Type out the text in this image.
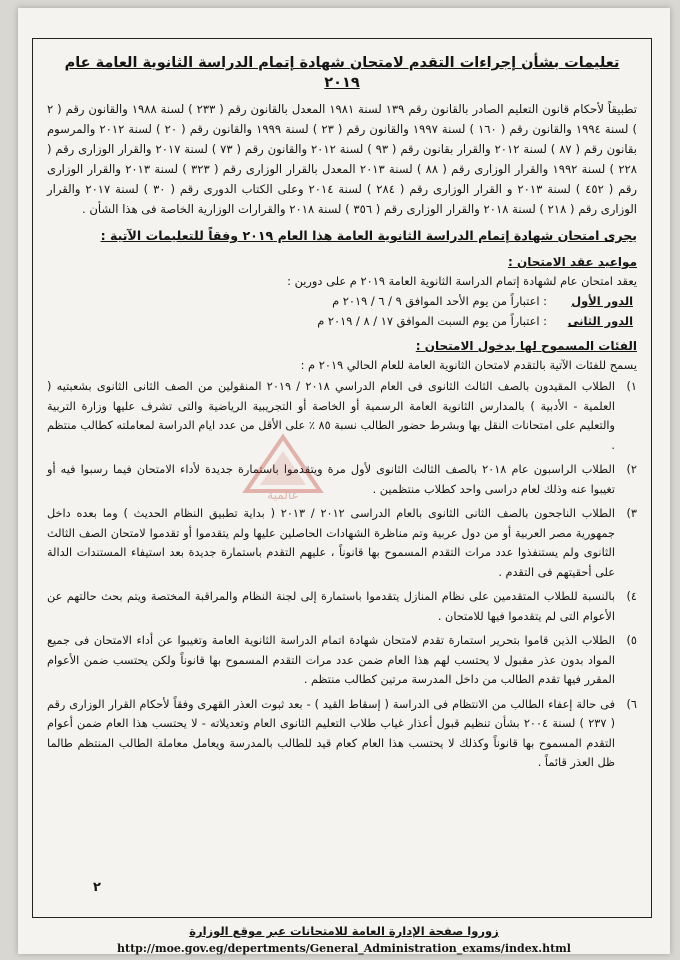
تعليمات بشأن إجراءات التقدم لامتحان شهادة إتمام الدراسة الثانوية العامة عام ٢٠١٩

تطبيقاً لأحكام قانون التعليم الصادر بالقانون رقم ١٣٩ لسنة ١٩٨١ المعدل بالقانون رقم ( ٢٣٣ ) لسنة ١٩٨٨ والقانون رقم ( ٢ ) لسنة ١٩٩٤ والقانون رقم ( ١٦٠ ) لسنة ١٩٩٧ والقانون رقم ( ٢٣ ) لسنة ١٩٩٩ والقانون رقم ( ٢٠ ) لسنة ٢٠١٢ والمرسوم بقانون رقم ( ٨٧ ) لسنة ٢٠١٢ والقرار بقانون رقم ( ٩٣ ) لسنة ٢٠١٢ والقانون رقم ( ٧٣ ) لسنة ٢٠١٧ والقرار الوزارى رقم ( ٢٢٨ ) لسنة ١٩٩٢ والقرار الوزارى رقم ( ٨٨ ) لسنة ٢٠١٣ المعدل بالقرار الوزارى رقم ( ٣٢٣ ) لسنة ٢٠١٣ والقرار الوزارى رقم ( ٤٥٢ ) لسنة ٢٠١٣ و القرار الوزارى رقم ( ٢٨٤ ) لسنة ٢٠١٤ وعلى الكتاب الدورى رقم ( ٣٠ ) لسنة ٢٠١٧ والقرار الوزارى رقم ( ٢١٨ ) لسنة ٢٠١٨ والقرار الوزارى رقم ( ٣٥٦ ) لسنة ٢٠١٨ والقرارات الوزارية الخاصة فى هذا الشأن .

يجرى امتحان شهادة إتمام الدراسة الثانوية العامة هذا العام ٢٠١٩ وفقاً للتعليمات الآتية :

مواعيد عقد الامتحان :

يعقد امتحان عام لشهادة إتمام الدراسة الثانوية العامة ٢٠١٩ م على دورين :

الدور الأول
: اعتباراً من يوم الأحد الموافق ٩ / ٦ / ٢٠١٩ م
الدور الثانى
: اعتباراً من يوم السبت الموافق ١٧ / ٨ / ٢٠١٩ م

الفئات المسموح لها بدخول الامتحان :

يسمح للفئات الآتية بالتقدم لامتحان الثانوية العامة للعام الحالي ٢٠١٩ م :

١)
الطلاب المقيدون بالصف الثالث الثانوى فى العام الدراسي ٢٠١٨ / ٢٠١٩ المنقولين من الصف الثانى الثانوى بشعبتيه ( العلمية - الأدبية ) بالمدارس الثانوية العامة الرسمية أو الخاصة أو التجريبية الرياضية والتى تشرف عليها وزارة التربية والتعليم على امتحانات النقل بها وبشرط حضور الطالب نسبة ٨٥ ٪ على الأقل من عدد ايام الدراسة لمعاملته كطالب منتظم .
٢)
الطلاب الراسبون عام ٢٠١٨ بالصف الثالث الثانوى لأول مرة ويتقدموا باستمارة جديدة لأداء الامتحان فيما رسبوا فيه أو تغيبوا عنه وذلك لعام دراسى واحد كطلاب منتظمين .
٣)
الطلاب الناجحون بالصف الثانى الثانوى بالعام الدراسى ٢٠١٢ / ٢٠١٣ ( بداية تطبيق النظام الحديث ) وما بعده داخل جمهورية مصر العربية أو من دول عربية وتم مناظرة الشهادات الحاصلين عليها ولم يتقدموا أو تقدموا لامتحان الصف الثالث الثانوى ولم يستنفذوا عدد مرات التقدم المسموح بها قانوناً ، عليهم التقدم باستمارة جديدة بعد استيفاء المستندات الدالة على أحقيتهم فى التقدم .
٤)
بالنسبة للطلاب المتقدمين على نظام المنازل يتقدموا باستمارة إلى لجنة النظام والمراقبة المختصة ويتم بحث حالتهم عن الأعوام التى لم يتقدموا فيها للامتحان .
٥)
الطلاب الذين قاموا بتحرير استمارة تقدم لامتحان شهادة اتمام الدراسة الثانوية العامة وتغيبوا عن أداء الامتحان فى جميع المواد بدون عذر مقبول لا يحتسب لهم هذا العام ضمن عدد مرات التقدم المسموح بها قانوناً ولكن يحتسب ضمن الأعوام المقرر فيها تقدم الطالب من داخل المدرسة مرتين كطالب منتظم .
٦)
فى حالة إعفاء الطالب من الانتظام فى الدراسة ( إسقاط القيد ) - بعد ثبوت العذر القهرى وفقاً لأحكام القرار الوزارى رقم ( ٢٣٧ ) لسنة ٢٠٠٤ بشأن تنظيم قبول أعذار غياب طلاب التعليم الثانوى العام وتعديلاته - لا يحتسب هذا العام ضمن أعوام التقدم المسموح بها قانوناً وكذلك لا يحتسب هذا العام كعام قيد للطالب بالمدرسة ويعامل معاملة الطالب المنتظم طالما ظل العذر قائماً .
٢
عالمية
زوروا صفحة الإدارة العامة للامتحانات عبر موقع الوزارة
http://moe.gov.eg/depertments/General_Administration_exams/index.html
